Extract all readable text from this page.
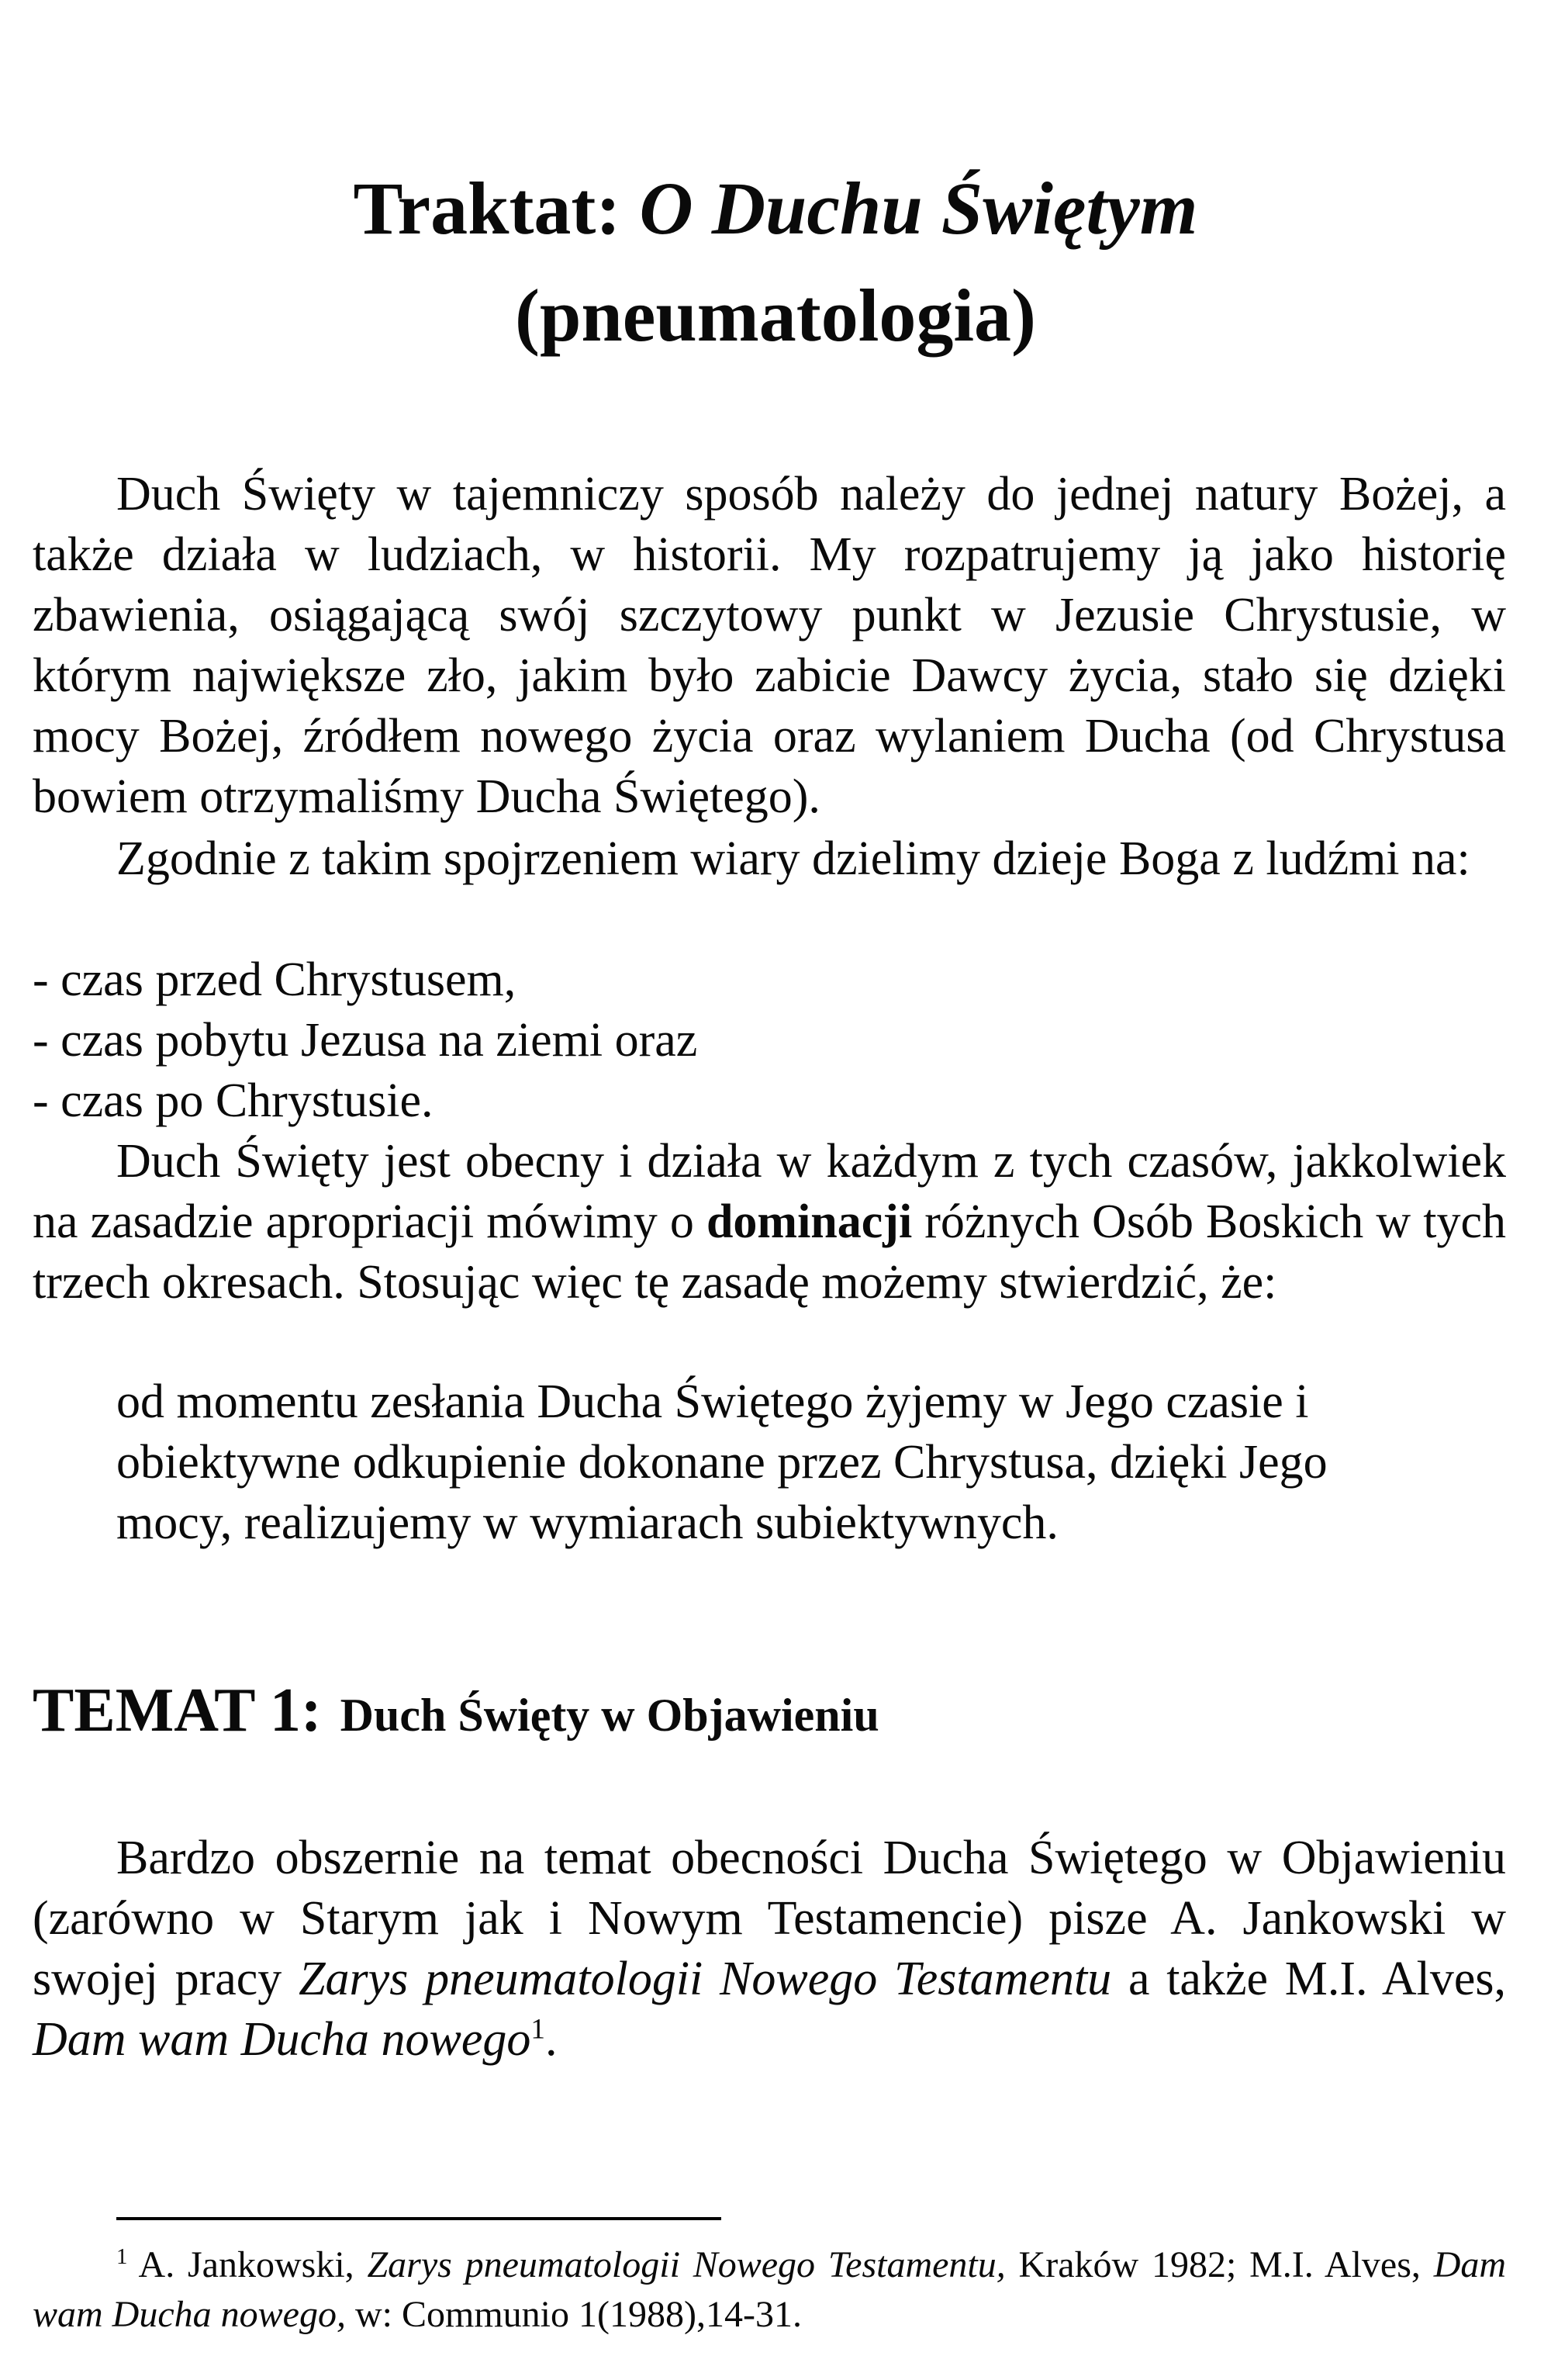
Traktat: O Duchu Świętym
(pneumatologia)
Duch Święty w tajemniczy sposób należy do jednej natury Bożej, a także działa w ludziach, w historii. My rozpatrujemy ją jako historię zbawienia, osiągającą swój szczytowy punkt w Jezusie Chrystusie, w którym największe zło, jakim było zabicie Dawcy życia, stało się dzięki mocy Bożej, źródłem nowego życia oraz wylaniem Ducha (od Chrystusa bowiem otrzymaliśmy Ducha Świętego).
Zgodnie z takim spojrzeniem wiary dzielimy dzieje Boga z ludźmi na:
- czas przed Chrystusem,
- czas pobytu Jezusa na ziemi oraz
- czas po Chrystusie.
Duch Święty jest obecny i działa w każdym z tych czasów, jakkolwiek na zasadzie apropriacji mówimy o dominacji różnych Osób Boskich w tych trzech okresach. Stosując więc tę zasadę możemy stwierdzić, że:
od momentu zesłania Ducha Świętego żyjemy w Jego czasie i obiektywne odkupienie dokonane przez Chrystusa, dzięki Jego mocy, realizujemy w wymiarach subiektywnych.
TEMAT 1: Duch Święty w Objawieniu
Bardzo obszernie na temat obecności Ducha Świętego w Objawieniu (zarówno w Starym jak i Nowym Testamencie) pisze A. Jankowski w swojej pracy Zarys pneumatologii Nowego Testamentu a także M.I. Alves, Dam wam Ducha nowego$^1$.
$^1$ A. Jankowski, Zarys pneumatologii Nowego Testamentu, Kraków 1982; M.I. Alves, Dam wam Ducha nowego, w: Communio 1(1988),14-31.
